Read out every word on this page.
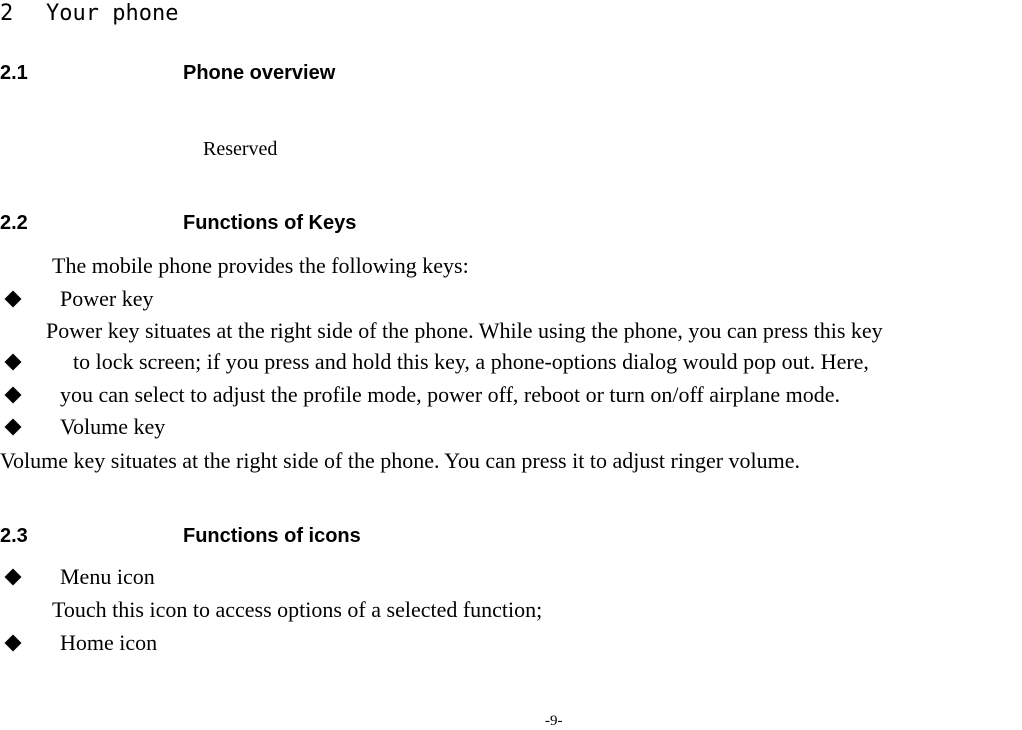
2 Your phone
2.1	Phone overview
Reserved
2.2	Functions of Keys
The mobile phone provides the following keys:
Power key
Power key situates at the right side of the phone. While using the phone, you can press this key
to lock screen; if you press and hold this key, a phone-options dialog would pop out. Here,
you can select to adjust the profile mode, power off, reboot or turn on/off airplane mode.
Volume key
Volume key situates at the right side of the phone. You can press it to adjust ringer volume.
2.3	Functions of icons
Menu icon
Touch this icon to access options of a selected function;
Home icon
-9-
